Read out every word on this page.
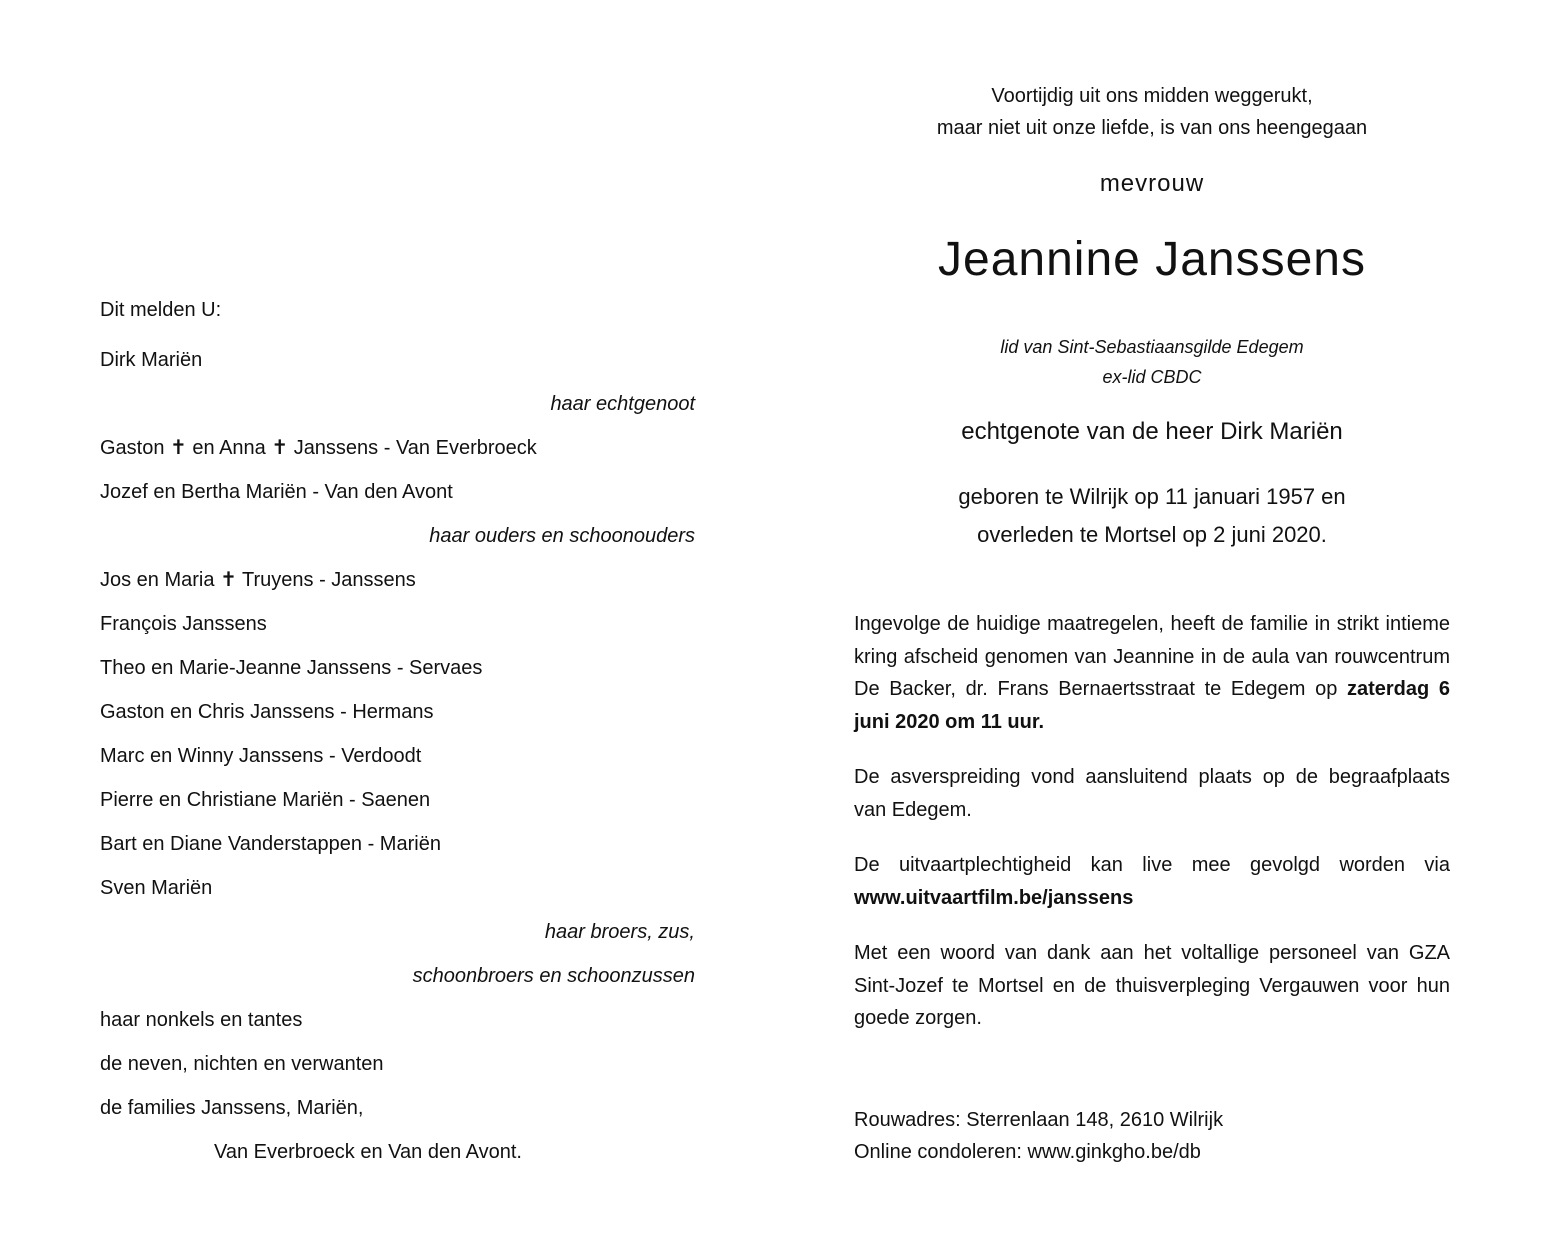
Dit melden U:
Dirk Mariën
haar echtgenoot
Gaston ✝ en Anna ✝ Janssens - Van Everbroeck
Jozef en Bertha Mariën - Van den Avont
haar ouders en schoonouders
Jos en Maria ✝ Truyens - Janssens
François Janssens
Theo en Marie-Jeanne Janssens - Servaes
Gaston en Chris Janssens - Hermans
Marc en Winny Janssens - Verdoodt
Pierre en Christiane Mariën - Saenen
Bart en Diane Vanderstappen - Mariën
Sven Mariën
haar broers, zus,
schoonbroers en schoonzussen
haar nonkels en tantes
de neven, nichten en verwanten
de families Janssens, Mariën,
Van Everbroeck en Van den Avont.
Voortijdig uit ons midden weggerukt,
maar niet uit onze liefde, is van ons heengegaan
mevrouw
Jeannine Janssens
lid van Sint-Sebastiaansgilde Edegem
ex-lid CBDC
echtgenote van de heer Dirk Mariën
geboren te Wilrijk op 11 januari 1957 en
overleden te Mortsel op 2 juni 2020.
Ingevolge de huidige maatregelen, heeft de familie in strikt intieme kring afscheid genomen van Jeannine in de aula van rouwcentrum De Backer, dr. Frans Bernaertsstraat te Edegem op zaterdag 6 juni 2020 om 11 uur.
De asverspreiding vond aansluitend plaats op de begraafplaats van Edegem.
De uitvaartplechtigheid kan live mee gevolgd worden via www.uitvaartfilm.be/janssens
Met een woord van dank aan het voltallige personeel van GZA Sint-Jozef te Mortsel en de thuisverpleging Vergauwen voor hun goede zorgen.
Rouwadres: Sterrenlaan 148, 2610 Wilrijk
Online condoleren: www.ginkgho.be/db
